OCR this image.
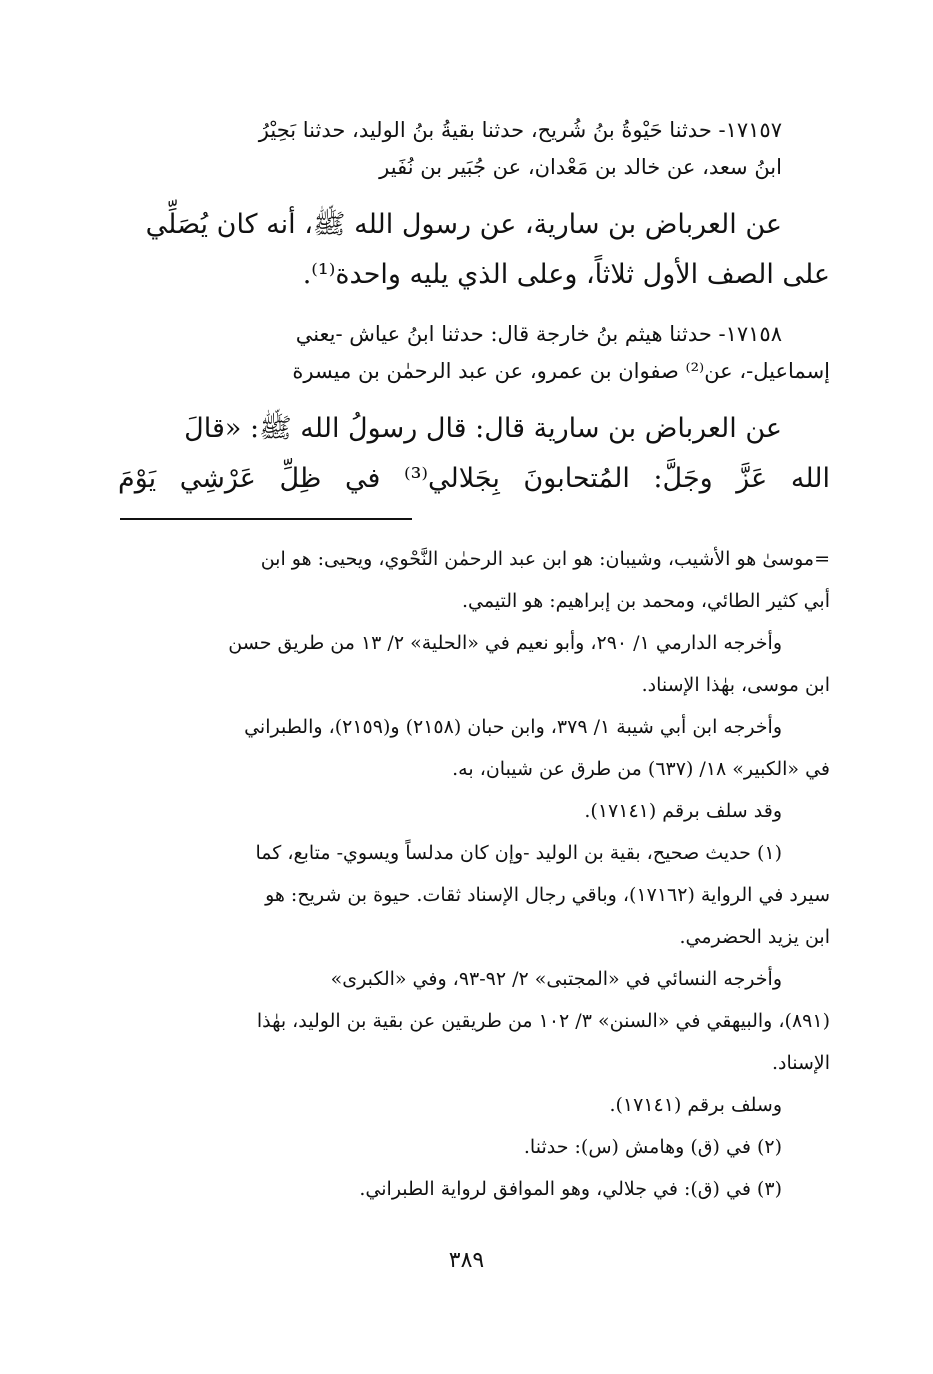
١٧١٥٧- حدثنا حَيْوةُ بنُ شُريح، حدثنا بقيةُ بنُ الوليد، حدثنا بَحِيْرُ

ابنُ سعد، عن خالد بن مَعْدان، عن جُبَير بن نُفَير

عن العرباض بن سارية، عن رسول الله ﷺ، أنه كان يُصَلِّي

على الصف الأول ثلاثاً، وعلى الذي يليه واحدة⁽¹⁾.

١٧١٥٨- حدثنا هيثم بنُ خارجة قال: حدثنا ابنُ عياش -يعني

إسماعيل-، عن⁽²⁾ صفوان بن عمرو، عن عبد الرحمٰن بن ميسرة

عن العرباض بن سارية قال: قال رسولُ الله ﷺ: «قالَ

الله عَزَّ وجَلَّ: المُتحابونَ بِجَلالي⁽³⁾ في ظِلِّ عَرْشِي يَوْمَ

=موسىٰ هو الأشيب، وشيبان: هو ابن عبد الرحمٰن النَّحْوي، ويحيى: هو ابن

أبي كثير الطائي، ومحمد بن إبراهيم: هو التيمي.

وأخرجه الدارمي ١/ ٢٩٠، وأبو نعيم في «الحلية» ٢/ ١٣ من طريق حسن

ابن موسى، بهٰذا الإسناد.

وأخرجه ابن أبي شيبة ١/ ٣٧٩، وابن حبان (٢١٥٨) و(٢١٥٩)، والطبراني

في «الكبير» ١٨/ (٦٣٧) من طرق عن شيبان، به.

وقد سلف برقم (١٧١٤١).

(١) حديث صحيح، بقية بن الوليد -وإن كان مدلساً ويسوي- متابع، كما

سيرد في الرواية (١٧١٦٢)، وباقي رجال الإسناد ثقات. حيوة بن شريح: هو

ابن يزيد الحضرمي.

وأخرجه النسائي في «المجتبى» ٢/ ٩٢-٩٣، وفي «الكبرى»

(٨٩١)، والبيهقي في «السنن» ٣/ ١٠٢ من طريقين عن بقية بن الوليد، بهٰذا

الإسناد.

وسلف برقم (١٧١٤١).

(٢) في (ق) وهامش (س): حدثنا.

(٣) في (ق): في جلالي، وهو الموافق لرواية الطبراني.

٣٨٩
